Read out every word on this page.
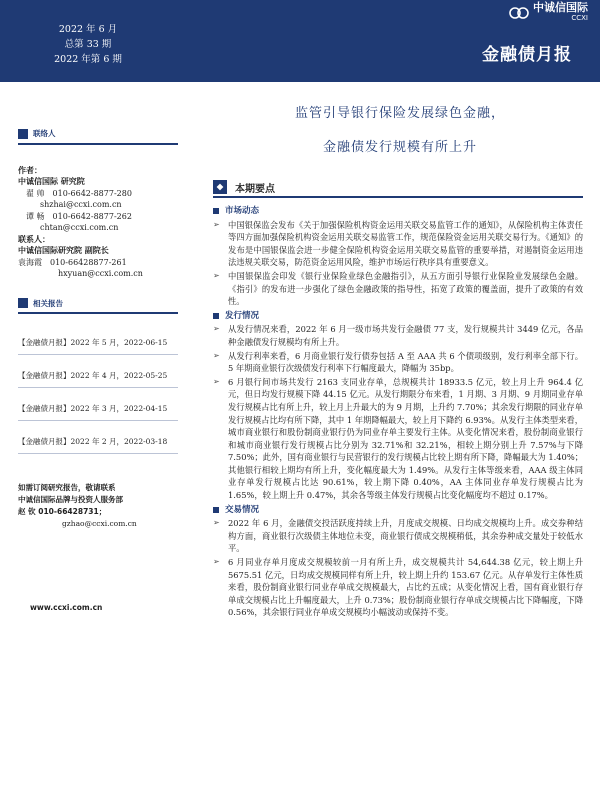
2022 年 6 月
总第 33 期
2022 年第 6 期
中诚信国际
CCXI
金融债月报
监管引导银行保险发展绿色金融，
金融债发行规模有所上升
联络人
作者：
中诚信国际 研究院
翟 帅 010-6642-8877-280
shzhai@ccxi.com.cn
谭 畅 010-6642-8877-262
chtan@ccxi.com.cn
联系人：
中诚信国际研究院 副院长
袁海霞 010-66428877-261
hxyuan@ccxi.com.cn
相关报告
【金融债月报】2022 年 5 月，2022-06-15
【金融债月报】2022 年 4 月，2022-05-25
【金融债月报】2022 年 3 月，2022-04-15
【金融债月报】2022 年 2 月，2022-03-18
如需订阅研究报告，敬请联系
中诚信国际品牌与投资人服务部
赵 钦 010-66428731；
gzhao@ccxi.com.cn
www.ccxi.com.cn
本期要点
市场动态
➢ 中国银保监会发布《关于加强保险机构资金运用关联交易监管工作的通知》，从保险机构主体责任等四方面加强保险机构资金运用关联交易监管工作，规范保险资金运用关联交易行为。《通知》的发布是中国银保监会进一步健全保险机构资金运用关联交易监管的重要举措，对遏制资金运用违法违规关联交易，防范资金运用风险，维护市场运行秩序具有重要意义。
➢ 中国银保监会印发《银行业保险业绿色金融指引》，从五方面引导银行业保险业发展绿色金融。《指引》的发布进一步强化了绿色金融政策的指导性，拓宽了政策的覆盖面，提升了政策的有效性。
发行情况
➢ 从发行情况来看，2022 年 6 月一级市场共发行金融债 77 支，发行规模共计 3449 亿元，各品种金融债发行规模均有所上升。
➢ 从发行利率来看，6 月商业银行发行债券包括 A 至 AAA 共 6 个债项级别，发行利率全部下行。5 年期商业银行次级债发行利率下行幅度最大，降幅为 35bp。
➢ 6 月银行间市场共发行 2163 支同业存单，总规模共计 18933.5 亿元，较上月上升 964.4 亿元，但日均发行规模下降 44.15 亿元。从发行期限分布来看，1 月期、3 月期、9 月期同业存单发行规模占比有所上升，较上月上升最大的为 9 月期，上升约 7.70%；其余发行期限的同业存单发行规模占比均有所下降，其中 1 年期降幅最大，较上月下降约 6.93%。从发行主体类型来看，城市商业银行和股份制商业银行仍为同业存单主要发行主体。从变化情况来看，股份制商业银行和城市商业银行发行规模占比分别为 32.71%和 32.21%，相较上期分别上升 7.57%与下降 7.50%；此外，国有商业银行与民营银行的发行规模占比较上期有所下降，降幅最大为 1.40%；其他银行相较上期均有所上升，变化幅度最大为 1.49%。从发行主体等级来看，AAA 级主体同业存单发行规模占比达 90.61%，较上期下降 0.40%，AA 主体同业存单发行规模占比为 1.65%，较上期上升 0.47%，其余各等级主体发行规模占比变化幅度均不超过 0.17%。
交易情况
➢ 2022 年 6 月，金融债交投活跃度持续上升，月度成交规模、日均成交规模均上升。成交券种结构方面，商业银行次级债主体地位未变，商业银行债成交规模稍低，其余券种成交量处于较低水平。
➢ 6 月同业存单月度成交规模较前一月有所上升，成交规模共计 54,644.38 亿元，较上期上升 5675.51 亿元，日均成交规模同样有所上升，较上期上升约 153.67 亿元。从存单发行主体性质来看，股份制商业银行同业存单成交规模最大，占比约五成；从变化情况上看，国有商业银行存单成交规模占比上升幅度最大，上升 0.73%；股份制商业银行存单成交规模占比下降幅度，下降 0.56%，其余银行同业存单成交规模均小幅波动或保持不变。
